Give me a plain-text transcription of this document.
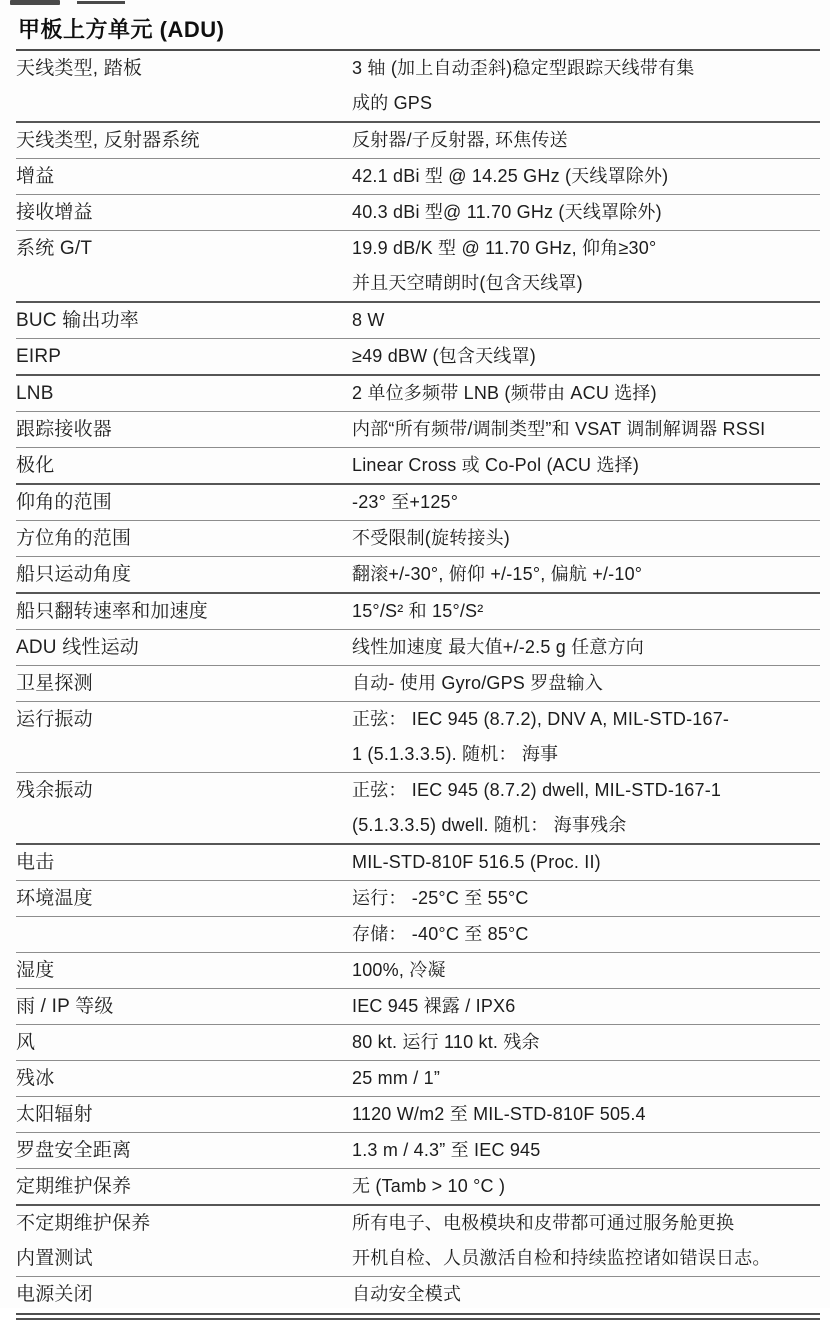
甲板上方单元 (ADU)
天线类型, 踏板	3 轴 (加上自动歪斜)稳定型跟踪天线带有集
成的 GPS
天线类型, 反射器系统	反射器/子反射器, 环焦传送
增益	42.1 dBi 型 @ 14.25 GHz (天线罩除外)
接收增益	40.3 dBi 型@ 11.70 GHz (天线罩除外)
系统 G/T	19.9 dB/K 型 @ 11.70 GHz, 仰角≥30°
并且天空晴朗时(包含天线罩)
BUC 输出功率	8 W
EIRP	≥49 dBW (包含天线罩)
LNB	2 单位多频带 LNB (频带由 ACU 选择)
跟踪接收器	内部“所有频带/调制类型”和 VSAT 调制解调器 RSSI
极化	Linear Cross 或 Co-Pol (ACU 选择)
仰角的范围	-23° 至+125°
方位角的范围	不受限制(旋转接头)
船只运动角度	翻滚+/-30°, 俯仰 +/-15°, 偏航 +/-10°
船只翻转速率和加速度	15°/S² 和 15°/S²
ADU 线性运动	线性加速度 最大值+/-2.5 g 任意方向
卫星探测	自动- 使用 Gyro/GPS 罗盘输入
运行振动	正弦： IEC 945 (8.7.2), DNV A, MIL-STD-167-
1 (5.1.3.3.5). 随机： 海事
残余振动	正弦： IEC 945 (8.7.2) dwell, MIL-STD-167-1
(5.1.3.3.5) dwell. 随机： 海事残余
电击	MIL-STD-810F 516.5 (Proc. II)
环境温度	运行： -25°C 至 55°C
存储： -40°C 至 85°C
湿度	100%, 冷凝
雨 / IP 等级	IEC 945 裸露 / IPX6
风	80 kt. 运行 110 kt. 残余
残冰	25 mm / 1”
太阳辐射	1120 W/m2 至 MIL-STD-810F 505.4
罗盘安全距离	1.3 m / 4.3” 至 IEC 945
定期维护保养	无 (Tamb > 10 °C )
不定期维护保养	所有电子、电极模块和皮带都可通过服务舱更换
内置测试	开机自检、人员激活自检和持续监控诸如错误日志。
电源关闭	自动安全模式
